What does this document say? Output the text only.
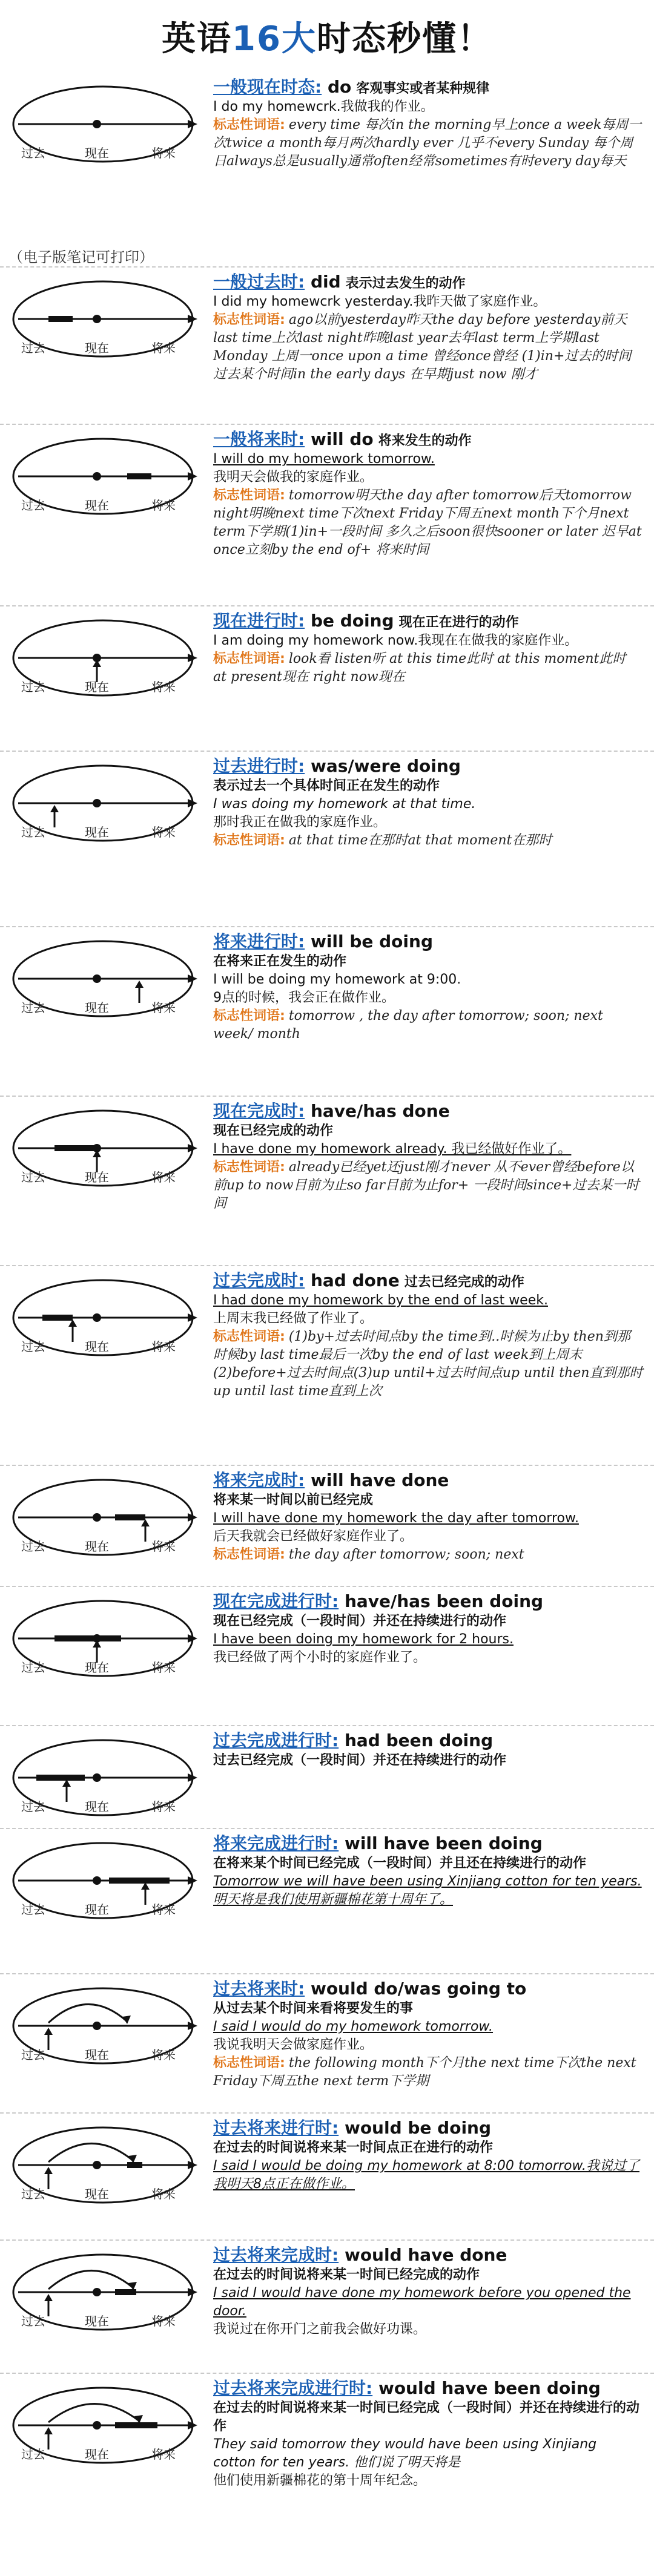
英语 16大 时态秒懂！
（电子版笔记可打印）
过去	现在	将来
一般现在时态: do 客观事实或者某种规律
I do my homewcrk.我做我的作业。
标志性词语: every time 每次in the morning早上once a week每周一次twice a month每月两次hardly ever 几乎不every Sunday 每个周日always总是usually通常often经常sometimes有时every day每天
过去	现在	将来
一般过去时: did 表示过去发生的动作
I did my homewcrk yesterday.我昨天做了家庭作业。
标志性词语: ago以前yesterday昨天the day before yesterday前天last time上次last night昨晚last year去年last term上学期last Monday 上周一once upon a time 曾经once曾经 (1)in+过去的时间 过去某个时间in the early days 在早期just now 刚才
过去	现在	将来
一般将来时: will do 将来发生的动作
I will do my homework tomorrow.
我明天会做我的家庭作业。
标志性词语: tomorrow明天the day after tomorrow后天tomorrow night明晚next time下次next Friday下周五next month下个月next term下学期(1)in+一段时间 多久之后soon很快sooner or later 迟早at once立刻by the end of+ 将来时间
过去	现在	将来
现在进行时: be doing 现在正在进行的动作
I am doing my homework now.我现在在做我的家庭作业。
标志性词语: look看 listen听 at this time此时 at this moment此时 at present现在 right now现在
过去	现在	将来
过去进行时: was/were doing
表示过去一个具体时间正在发生的动作
I was doing my homework at that time.
那时我正在做我的家庭作业。
标志性词语: at that time在那时at that moment在那时
过去	现在	将来
将来进行时: will be doing
在将来正在发生的动作
I will be doing my homework at 9:00.
9点的时候，我会正在做作业。
标志性词语: tomorrow , the day after tomorrow; soon; next week/ month
过去	现在	将来
现在完成时: have/has done
现在已经完成的动作
I have done my homework already. 我已经做好作业了。
标志性词语: already已经yet还just刚才never 从不ever曾经before以前up to now目前为止so far目前为止for+ 一段时间since+过去某一时间
过去	现在	将来
过去完成时: had done 过去已经完成的动作
I had done my homework by the end of last week.
上周末我已经做了作业了。
标志性词语: (1)by+过去时间点by the time到..时候为止by then到那时候by last time最后一次by the end of last week到上周末(2)before+过去时间点(3)up until+过去时间点up until then直到那时up until last time直到上次
过去	现在	将来
将来完成时: will have done
将来某一时间以前已经完成
I will have done my homework the day after tomorrow.
后天我就会已经做好家庭作业了。
标志性词语: the day after tomorrow; soon; next
过去	现在	将来
现在完成进行时: have/has been doing
现在已经完成（一段时间）并还在持续进行的动作
I have been doing my homework for 2 hours.
我已经做了两个小时的家庭作业了。
过去	现在	将来
过去完成进行时: had been doing
过去已经完成（一段时间）并还在持续进行的动作
过去	现在	将来
将来完成进行时: will have been doing
在将来某个时间已经完成（一段时间）并且还在持续进行的动作
Tomorrow we will have been using Xinjiang cotton for ten years.明天将是我们使用新疆棉花第十周年了。
过去	现在	将来
过去将来时: would do/was going to
从过去某个时间来看将要发生的事
I said I would do my homework tomorrow.
我说我明天会做家庭作业。
标志性词语: the following month下个月the next time下次the next Friday下周五the next term下学期
过去	现在	将来
过去将来进行时: would be doing
在过去的时间说将来某一时间点正在进行的动作
I said I would be doing my homework at 8:00 tomorrow.我说过了我明天8点正在做作业。
过去	现在	将来
过去将来完成时: would have done
在过去的时间说将来某一时间已经完成的动作
I said I would have done my homework before you opened the door.
我说过在你开门之前我会做好功课。
过去	现在	将来
过去将来完成进行时: would have been doing
在过去的时间说将来某一时间已经完成（一段时间）并还在持续进行的动作
They said tomorrow they would have been using Xinjiang cotton for ten years. 他们说了明天将是
他们使用新疆棉花的第十周年纪念。
